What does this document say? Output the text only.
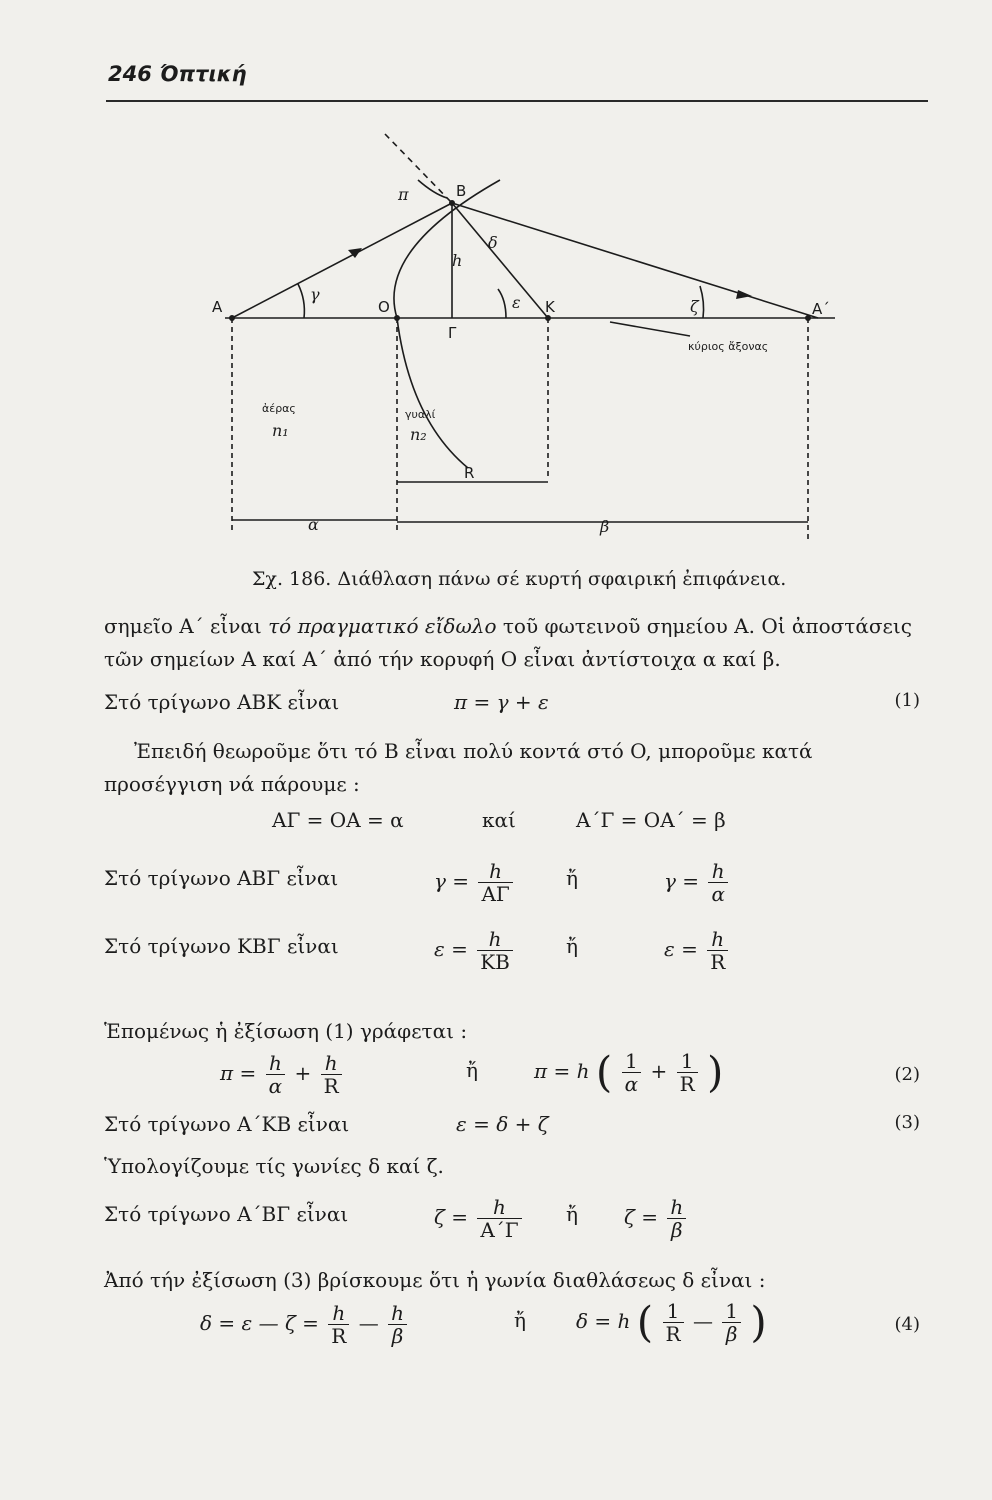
246 Όπτική
π	B
δ
h
γ
O
Γ
ε K	ζ
A	A΄
κύριος ἄξονας
ἀέρας
n₁
γυαλί
n₂
R
α	β
Σχ. 186. Διάθλαση πάνω σέ κυρτή σφαιρική ἐπιφάνεια.
σημεῖο A΄ εἶναι τό πραγματικό εἴδωλο τοῦ φωτεινοῦ σημείου A. Οἱ ἀποστάσεις τῶν σημείων A καί A΄ ἀπό τήν κορυφή O εἶναι ἀντίστοιχα α καί β.
Στό τρίγωνο ABK εἶναι	π = γ + ε	(1)
Ἐπειδή θεωροῦμε ὅτι τό B εἶναι πολύ κοντά στό O, μποροῦμε κατά προσέγγιση νά πάρουμε :
AΓ = OA = α	καί	A΄Γ = OA΄ = β
Στό τρίγωνο ABΓ εἶναι	$\gamma = \frac{h}{A\Gamma}$	ἤ	$\gamma = \frac{h}{\alpha}$
Στό τρίγωνο KBΓ εἶναι	$\varepsilon = \frac{h}{KB}$	ἤ	$\varepsilon = \frac{h}{R}$
Ἑπομένως ἡ ἐξίσωση (1) γράφεται :
$\pi = \frac{h}{\alpha} + \frac{h}{R}$	ἤ	π = h ( $\frac{1}{\alpha} + \frac{1}{R}$ )	(2)
Στό τρίγωνο A΄KB εἶναι	ε = δ + ζ	(3)
Ὑπολογίζουμε τίς γωνίες δ καί ζ.
Στό τρίγωνο A΄BΓ εἶναι	$\zeta = \frac{h}{A΄\Gamma}$ ἤ $\zeta = \frac{h}{\beta}$
Ἀπό τήν ἐξίσωση (3) βρίσκουμε ὅτι ἡ γωνία διαθλάσεως δ εἶναι :
δ = ε — $\zeta = \frac{h}{R}$ — $\frac{h}{\beta}$	ἤ	δ = h ( $\frac{1}{R}$ — $\frac{1}{\beta}$ )	(4)
